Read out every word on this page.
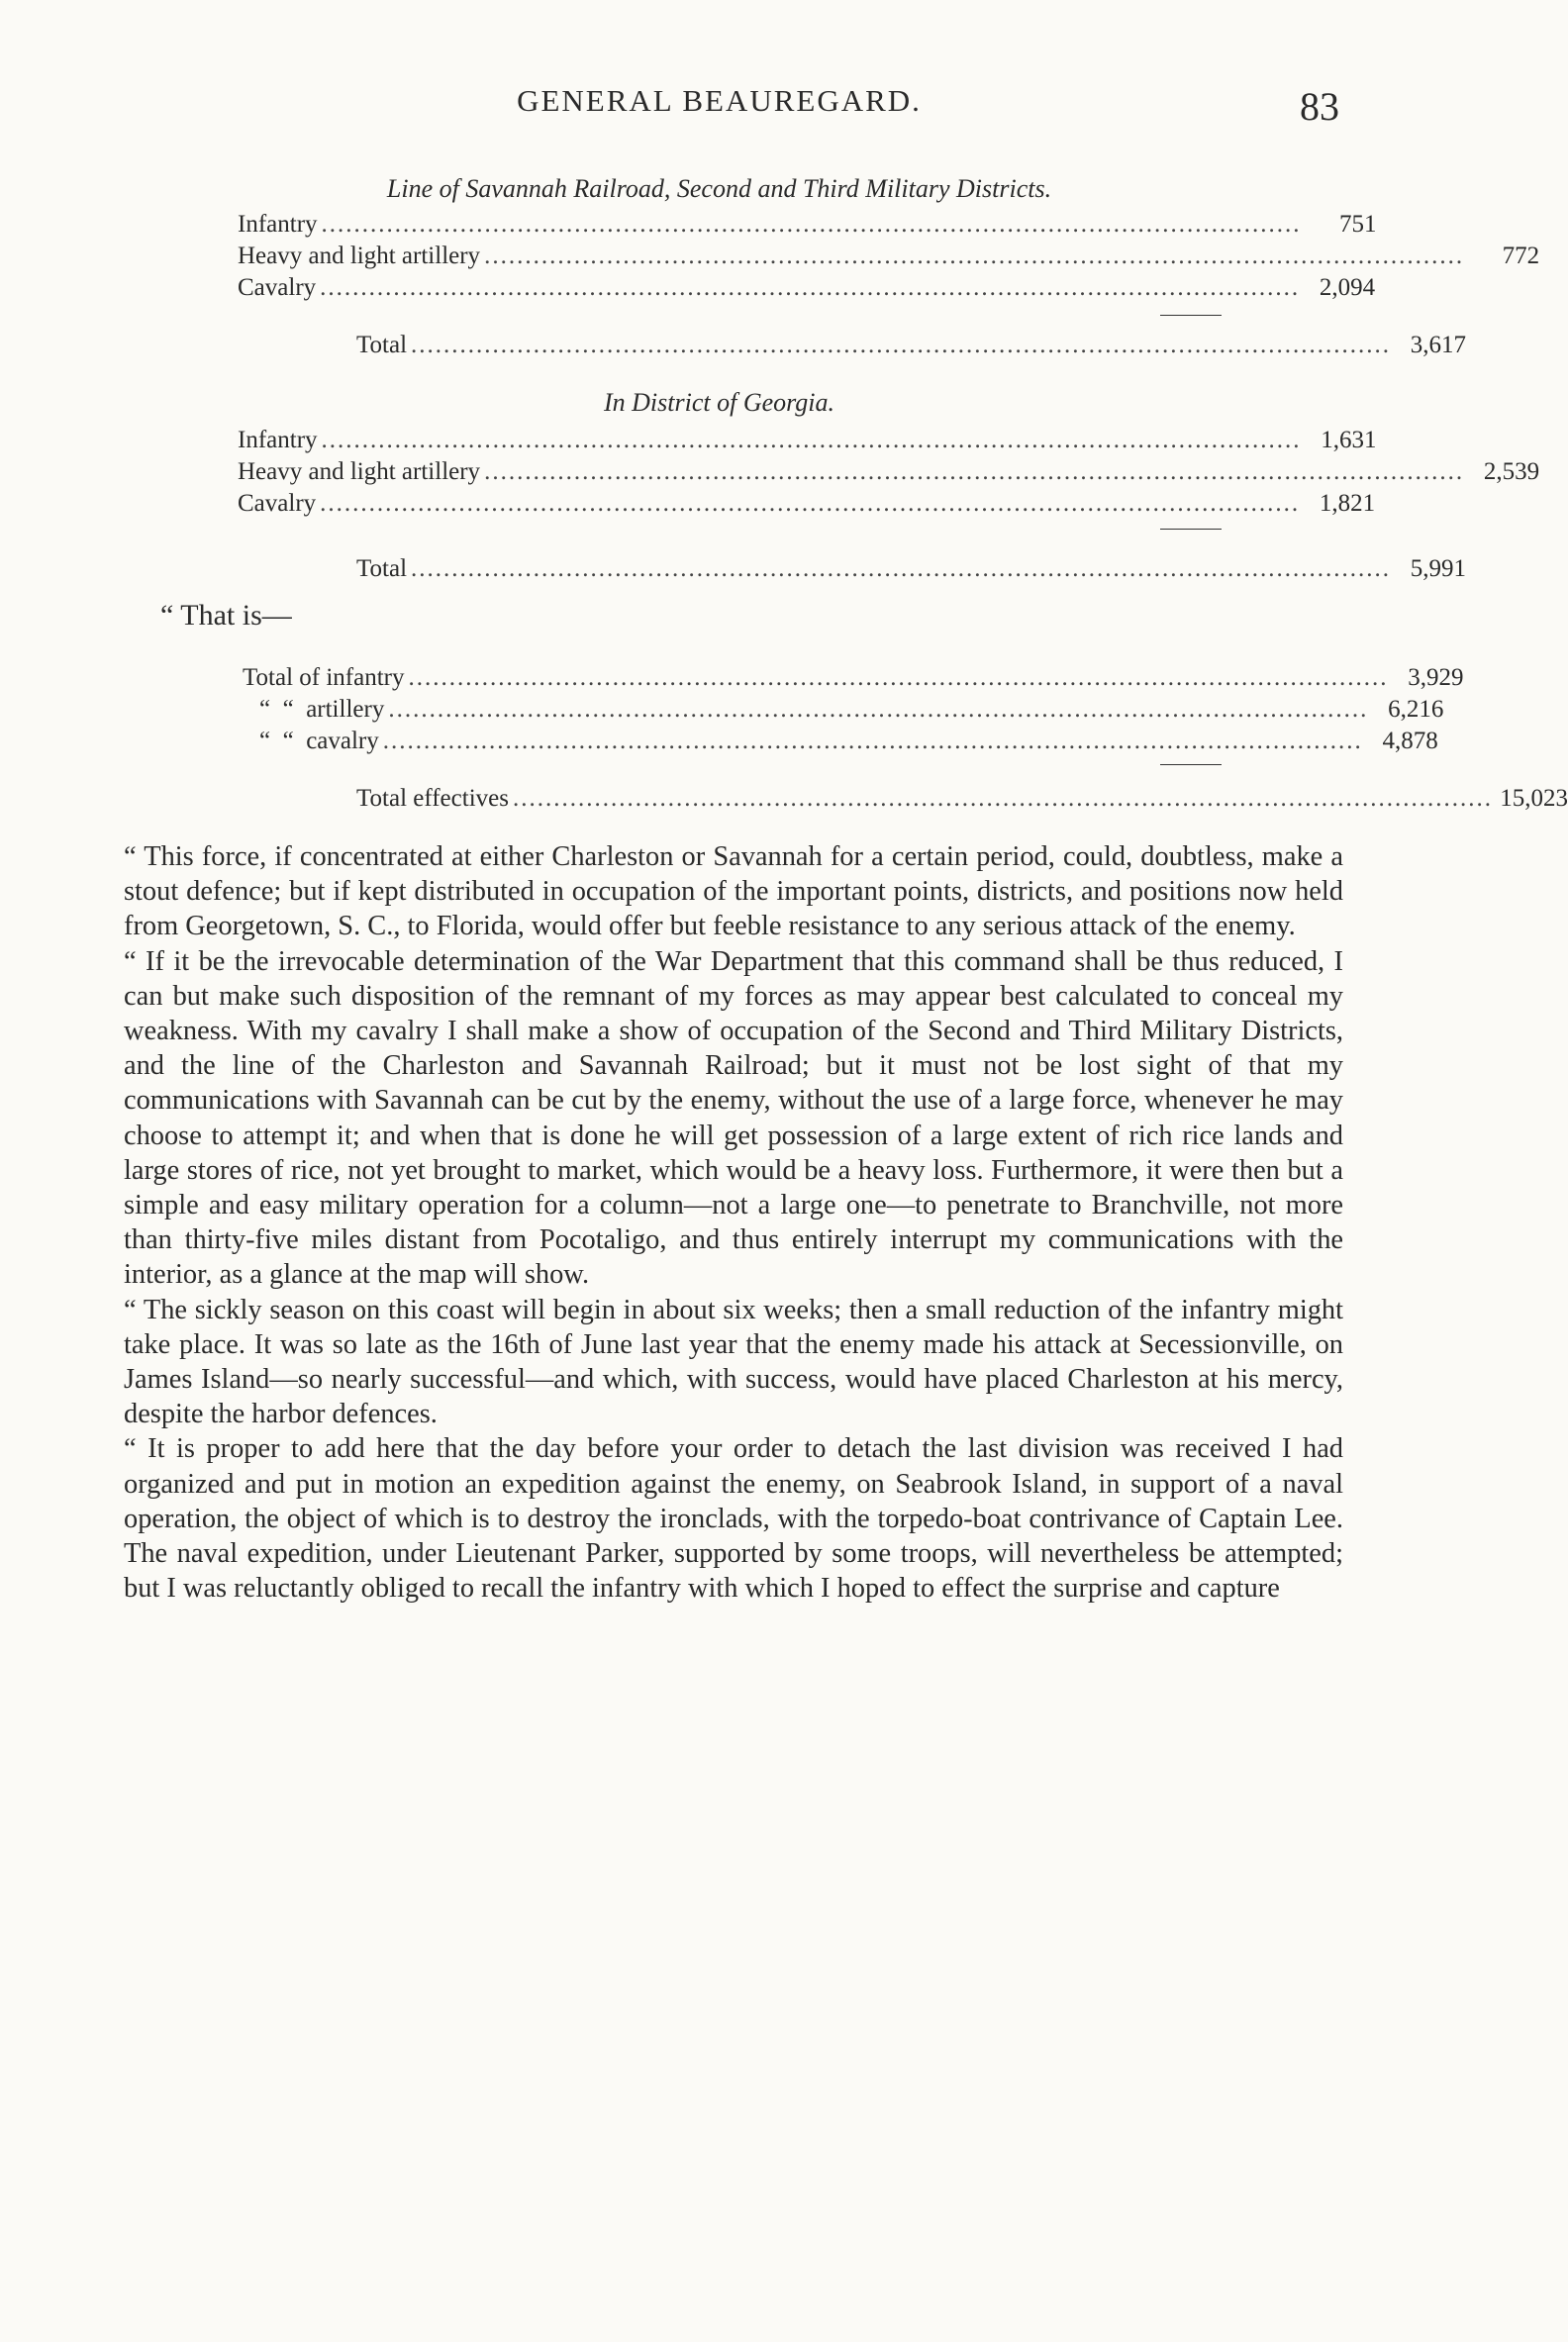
GENERAL BEAUREGARD.	83
Line of Savannah Railroad, Second and Third Military Districts.
Infantry ........................................................................................................................	751
Heavy and light artillery ........................................................................................................................	772
Cavalry ........................................................................................................................ 2,094
Total ........................................................................................................................ 3,617
In District of Georgia.
Infantry ........................................................................................................................ 1,631
Heavy and light artillery ........................................................................................................................ 2,539
Cavalry ........................................................................................................................ 1,821
Total ........................................................................................................................ 5,991
“ That is—
Total of infantry ........................................................................................................................ 3,929
“  “  artillery ........................................................................................................................ 6,216
“  “  cavalry ........................................................................................................................ 4,878
Total effectives ........................................................................................................................ 15,023

“ This force, if concentrated at either Charleston or Savannah for a certain period, could, doubtless, make a stout defence; but if kept distributed in occupation of the important points, districts, and positions now held from Georgetown, S. C., to Florida, would offer but feeble resistance to any serious attack of the enemy.

“ If it be the irrevocable determination of the War Department that this command shall be thus reduced, I can but make such disposition of the remnant of my forces as may appear best calculated to conceal my weakness. With my cavalry I shall make a show of occupation of the Second and Third Military Districts, and the line of the Charleston and Savannah Railroad; but it must not be lost sight of that my communications with Savannah can be cut by the enemy, without the use of a large force, whenever he may choose to attempt it; and when that is done he will get possession of a large extent of rich rice lands and large stores of rice, not yet brought to market, which would be a heavy loss. Furthermore, it were then but a simple and easy military operation for a column—not a large one—to penetrate to Branchville, not more than thirty-five miles distant from Pocotaligo, and thus entirely interrupt my communications with the interior, as a glance at the map will show.

“ The sickly season on this coast will begin in about six weeks; then a small reduction of the infantry might take place. It was so late as the 16th of June last year that the enemy made his attack at Secessionville, on James Island—so nearly successful—and which, with success, would have placed Charleston at his mercy, despite the harbor defences.

“ It is proper to add here that the day before your order to detach the last division was received I had organized and put in motion an expedition against the enemy, on Seabrook Island, in support of a naval operation, the object of which is to destroy the ironclads, with the torpedo-boat contrivance of Captain Lee. The naval expedition, under Lieutenant Parker, supported by some troops, will nevertheless be attempted; but I was reluctantly obliged to recall the infantry with which I hoped to effect the surprise and capture
